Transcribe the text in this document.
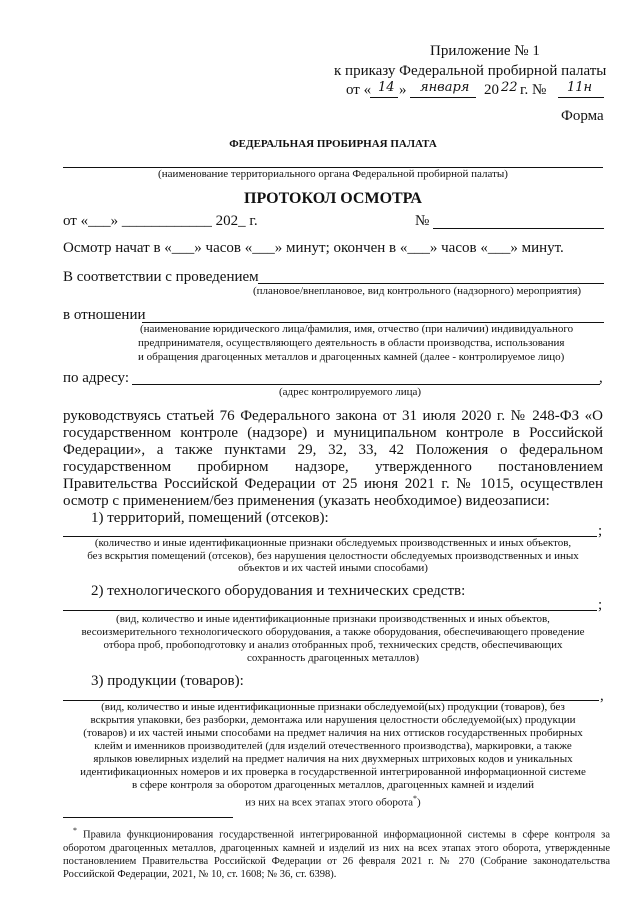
Приложение № 1
к приказу Федеральной пробирной палаты
от « 14 » января 20 22 г. № 11н
Форма
ФЕДЕРАЛЬНАЯ ПРОБИРНАЯ ПАЛАТА
(наименование территориального органа Федеральной пробирной палаты)
ПРОТОКОЛ ОСМОТРА
от «___» ____________ 202_ г.	№
Осмотр начат в «___» часов «___» минут; окончен в «___» часов «___» минут.
В соответствии с проведением
(плановое/внеплановое, вид контрольного (надзорного) мероприятия)
в отношении
(наименование юридического лица/фамилия, имя, отчество (при наличии) индивидуального
предпринимателя, осуществляющего деятельность в области производства, использования
и обращения драгоценных металлов и драгоценных камней (далее - контролируемое лицо)
по адресу:	,
(адрес контролируемого лица)
руководствуясь статьей 76 Федерального закона от 31 июля 2020 г. № 248-ФЗ «О государственном контроле (надзоре) и муниципальном контроле в Российской Федерации», а также пунктами 29, 32, 33, 42 Положения о федеральном государственном пробирном надзоре, утвержденного постановлением Правительства Российской Федерации от 25 июня 2021 г. № 1015, осуществлен осмотр с применением/без применения (указать необходимое) видеозаписи:
1) территорий, помещений (отсеков):
;
(количество и иные идентификационные признаки обследуемых производственных и иных объектов,
без вскрытия помещений (отсеков), без нарушения целостности обследуемых производственных и иных
объектов и их частей иными способами)
2) технологического оборудования и технических средств:
;
(вид, количество и иные идентификационные признаки производственных и иных объектов,
весоизмерительного технологического оборудования, а также оборудования, обеспечивающего проведение
отбора проб, пробоподготовку и анализ отобранных проб, технических средств, обеспечивающих
сохранность драгоценных металлов)
3) продукции (товаров):
,
(вид, количество и иные идентификационные признаки обследуемой(ых) продукции (товаров), без
вскрытия упаковки, без разборки, демонтажа или нарушения целостности обследуемой(ых) продукции
(товаров) и их частей иными способами на предмет наличия на них оттисков государственных пробирных
клейм и именников производителей (для изделий отечественного производства), маркировки, а также
ярлыков ювелирных изделий на предмет наличия на них двухмерных штриховых кодов и уникальных
идентификационных номеров и их проверка в государственной интегрированной информационной системе
в сфере контроля за оборотом драгоценных металлов, драгоценных камней и изделий
из них на всех этапах этого оборота*)
* Правила функционирования государственной интегрированной информационной системы в сфере контроля за оборотом драгоценных металлов, драгоценных камней и изделий из них на всех этапах этого оборота, утвержденные постановлением Правительства Российской Федерации от 26 февраля 2021 г. № 270 (Собрание законодательства Российской Федерации, 2021, № 10, ст. 1608; № 36, ст. 6398).
